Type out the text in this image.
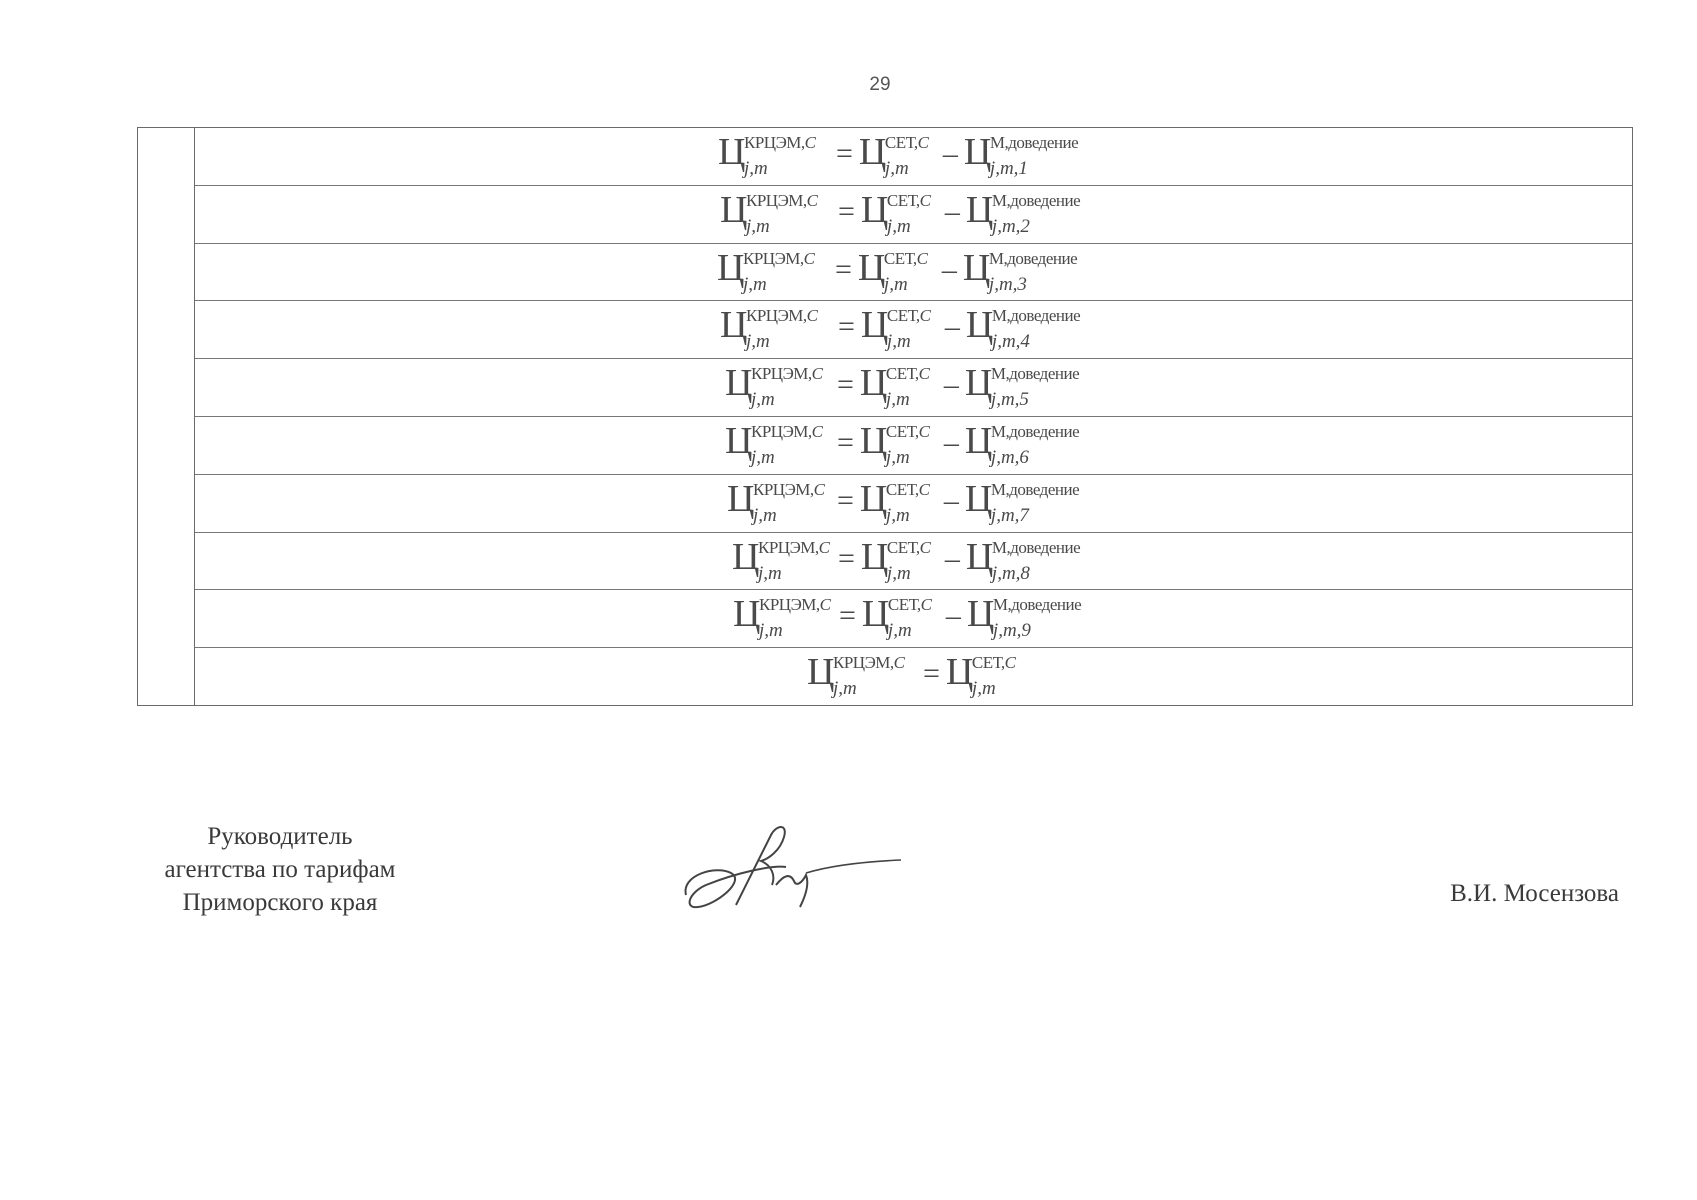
29
Ц
КРЦЭМ,C
j,m = Ц
СЕТ,C
j,m – Ц
М,доведение
j,m,1
Ц
КРЦЭМ,C
j,m = Ц
СЕТ,C
j,m – Ц
М,доведение
j,m,2
Ц
КРЦЭМ,C
j,m = Ц
СЕТ,C
j,m – Ц
М,доведение
j,m,3
Ц
КРЦЭМ,C
j,m = Ц
СЕТ,C
j,m – Ц
М,доведение
j,m,4
Ц
КРЦЭМ,C
j,m = Ц
СЕТ,C
j,m – Ц
М,доведение
j,m,5
Ц
КРЦЭМ,C
j,m = Ц
СЕТ,C
j,m – Ц
М,доведение
j,m,6
Ц
КРЦЭМ,C
j,m = Ц
СЕТ,C
j,m – Ц
М,доведение
j,m,7
Ц
КРЦЭМ,C
j,m = Ц
СЕТ,C
j,m – Ц
М,доведение
j,m,8
Ц
КРЦЭМ,C
j,m = Ц
СЕТ,C
j,m – Ц
М,доведение
j,m,9
Ц
КРЦЭМ,C
j,m = Ц
СЕТ,C
j,m
Руководитель
агентства по тарифам
Приморского края	В.И. Мосензова
